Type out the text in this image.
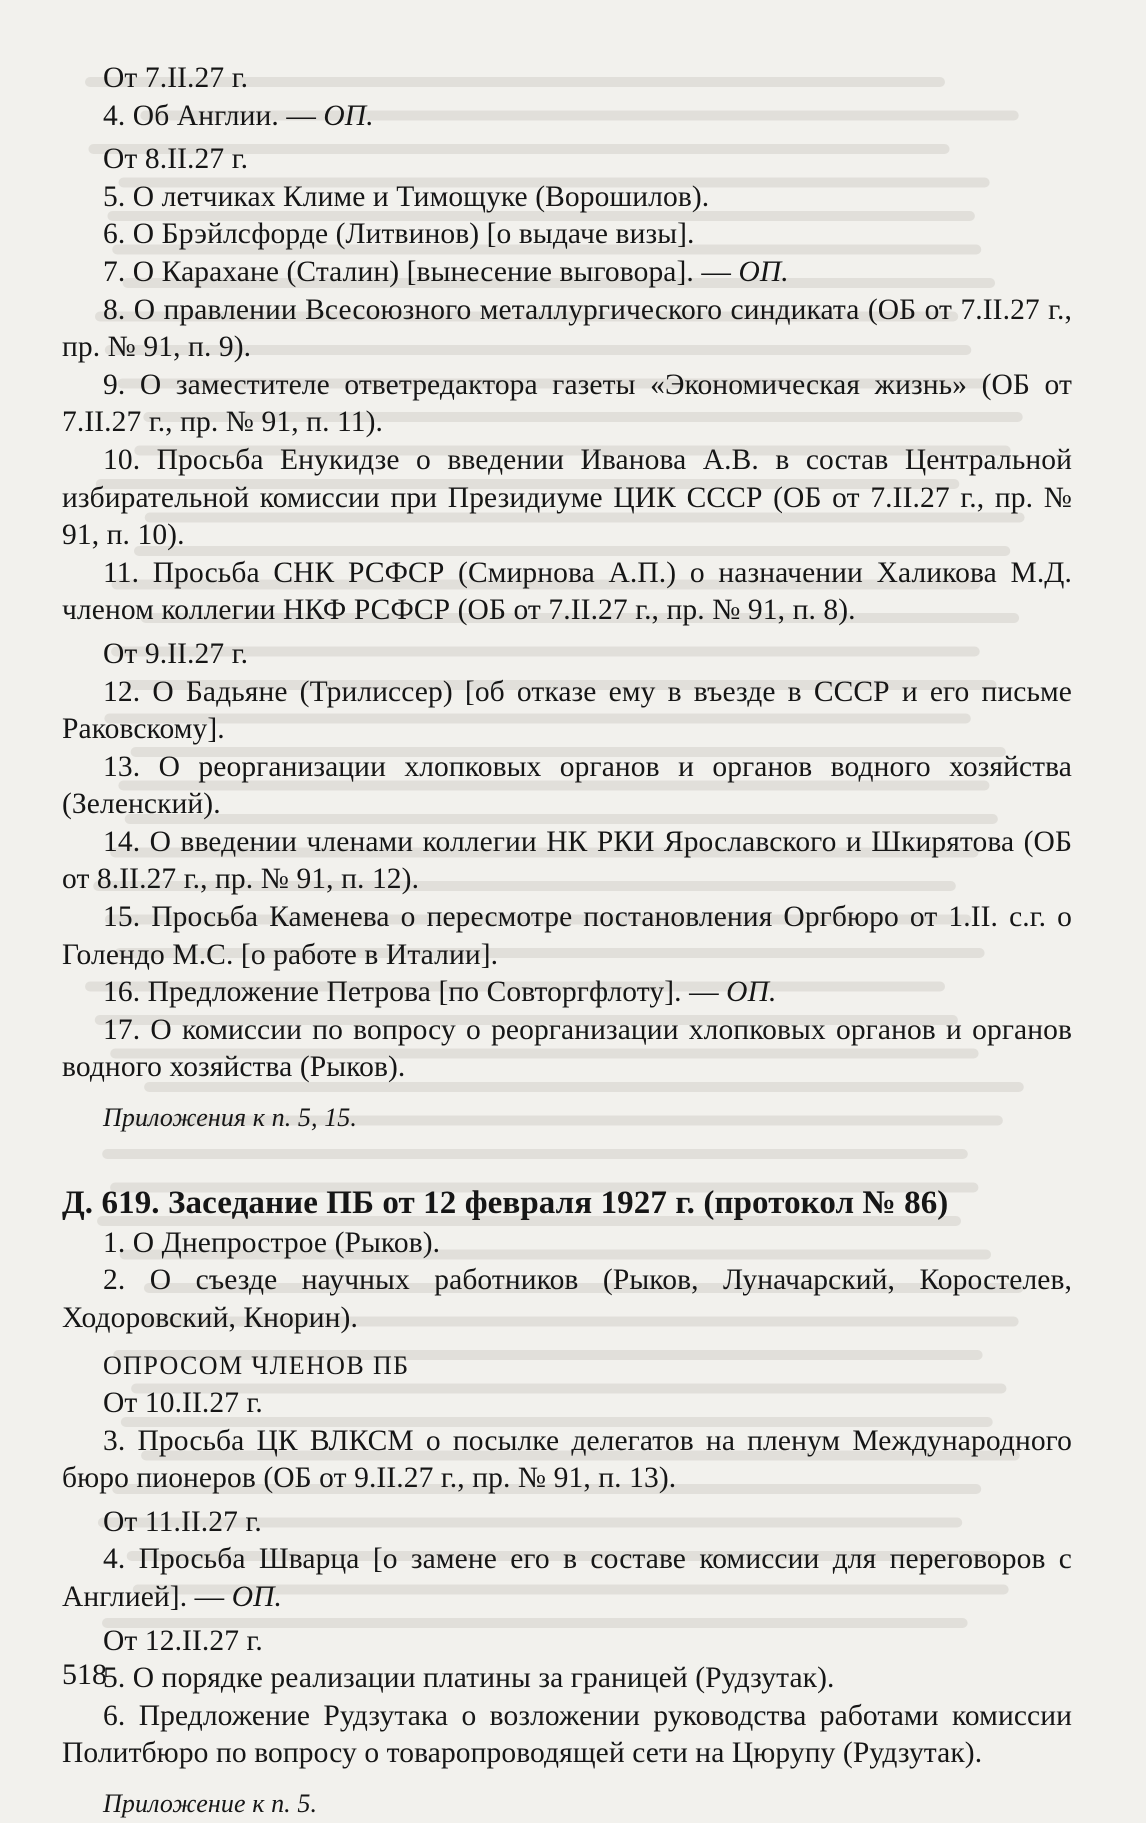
От 7.II.27 г.

4. Об Англии. — ОП.

От 8.II.27 г.

5. О летчиках Климе и Тимощуке (Ворошилов).

6. О Брэйлсфорде (Литвинов) [о выдаче визы].

7. О Карахане (Сталин) [вынесение выговора]. — ОП.

8. О правлении Всесоюзного металлургического синдиката (ОБ от 7.II.27 г., пр. № 91, п. 9).

9. О заместителе ответредактора газеты «Экономическая жизнь» (ОБ от 7.II.27 г., пр. № 91, п. 11).

10. Просьба Енукидзе о введении Иванова А.В. в состав Центральной избирательной комиссии при Президиуме ЦИК СССР (ОБ от 7.II.27 г., пр. № 91, п. 10).

11. Просьба СНК РСФСР (Смирнова А.П.) о назначении Халикова М.Д. членом коллегии НКФ РСФСР (ОБ от 7.II.27 г., пр. № 91, п. 8).

От 9.II.27 г.

12. О Бадьяне (Трилиссер) [об отказе ему в въезде в СССР и его письме Раковскому].

13. О реорганизации хлопковых органов и органов водного хозяйства (Зеленский).

14. О введении членами коллегии НК РКИ Ярославского и Шкирятова (ОБ от 8.II.27 г., пр. № 91, п. 12).

15. Просьба Каменева о пересмотре постановления Оргбюро от 1.II. с.г. о Голендо М.С. [о работе в Италии].

16. Предложение Петрова [по Совторгфлоту]. — ОП.

17. О комиссии по вопросу о реорганизации хлопковых органов и органов водного хозяйства (Рыков).

Приложения к п. 5, 15.

Д. 619. Заседание ПБ от 12 февраля 1927 г. (протокол № 86)

1. О Днепрострое (Рыков).

2. О съезде научных работников (Рыков, Луначарский, Коростелев, Ходоровский, Кнорин).

ОПРОСОМ ЧЛЕНОВ ПБ

От 10.II.27 г.

3. Просьба ЦК ВЛКСМ о посылке делегатов на пленум Международного бюро пионеров (ОБ от 9.II.27 г., пр. № 91, п. 13).

От 11.II.27 г.

4. Просьба Шварца [о замене его в составе комиссии для переговоров с Англией]. — ОП.

От 12.II.27 г.

5. О порядке реализации платины за границей (Рудзутак).

6. Предложение Рудзутака о возложении руководства работами комиссии Политбюро по вопросу о товаропроводящей сети на Цюрупу (Рудзутак).

Приложение к п. 5.

518
